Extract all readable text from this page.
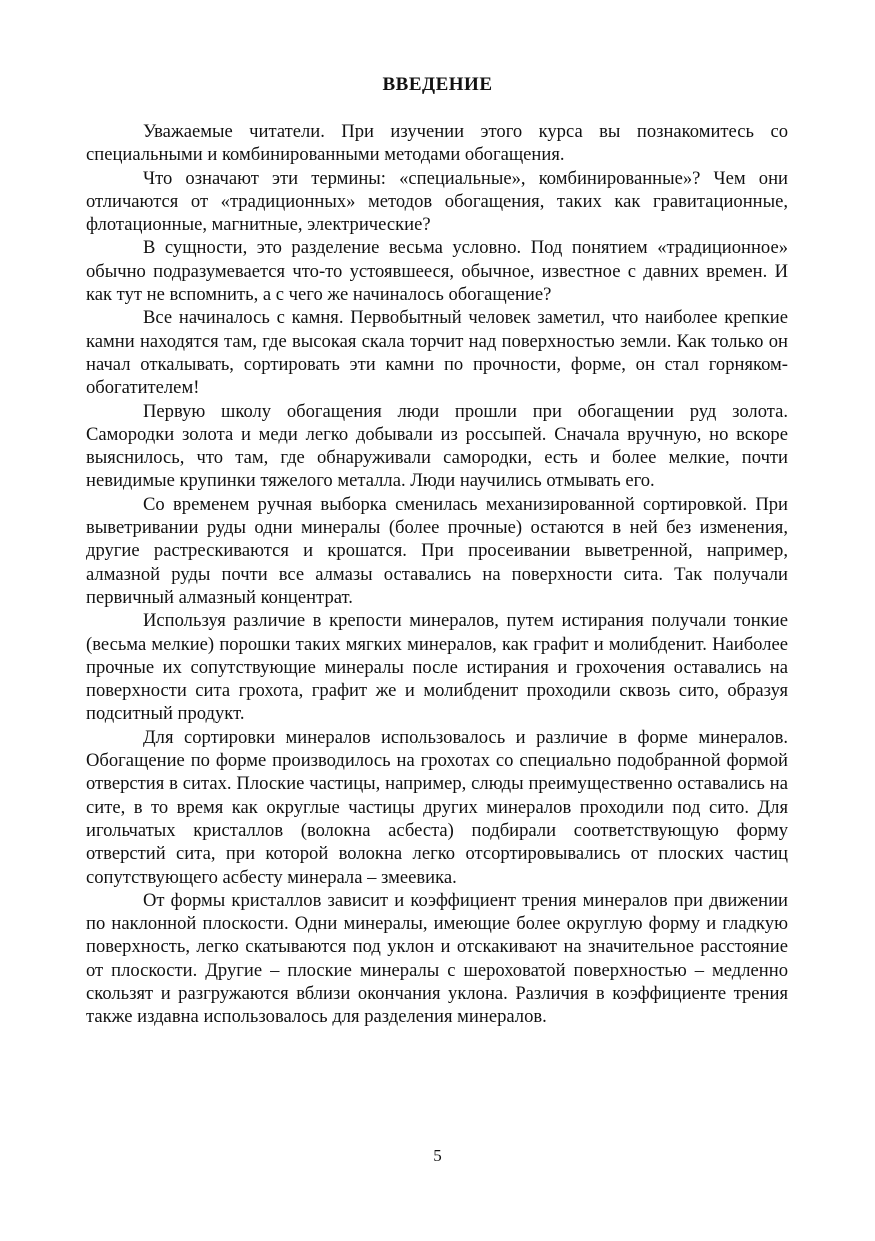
ВВЕДЕНИЕ

Уважаемые читатели. При изучении этого курса вы познакомитесь со специальными и комбинированными методами обогащения.

Что означают эти термины: «специальные», комбинированные»? Чем они отличаются от «традиционных» методов обогащения, таких как гравитационные, флотационные, магнитные, электрические?

В сущности, это разделение весьма условно. Под понятием «традиционное» обычно подразумевается что-то устоявшееся, обычное, известное с давних времен. И как тут не вспомнить, а с чего же начиналось обогащение?

Все начиналось с камня. Первобытный человек заметил, что наиболее крепкие камни находятся там, где высокая скала торчит над поверхностью земли. Как только он начал откалывать, сортировать эти камни по прочности, форме, он стал горняком-обогатителем!

Первую школу обогащения люди прошли при обогащении руд золота. Самородки золота и меди легко добывали из россыпей. Сначала вручную, но вскоре выяснилось, что там, где обнаруживали самородки, есть и более мелкие, почти невидимые крупинки тяжелого металла. Люди научились отмывать его.

Со временем ручная выборка сменилась механизированной сортировкой. При выветривании руды одни минералы (более прочные) остаются в ней без изменения, другие растрескиваются и крошатся. При просеивании выветренной, например, алмазной руды почти все алмазы оставались на поверхности сита. Так получали первичный алмазный концентрат.

Используя различие в крепости минералов, путем истирания получали тонкие (весьма мелкие) порошки таких мягких минералов, как графит и молибденит. Наиболее прочные их сопутствующие минералы после истирания и грохочения оставались на поверхности сита грохота, графит же и молибденит проходили сквозь сито, образуя подситный продукт.

Для сортировки минералов использовалось и различие в форме минералов. Обогащение по форме производилось на грохотах со специально подобранной формой отверстия в ситах. Плоские частицы, например, слюды преимущественно оставались на сите, в то время как округлые частицы других минералов проходили под сито. Для игольчатых кристаллов (волокна асбеста) подбирали соответствующую форму отверстий сита, при которой волокна легко отсортировывались от плоских частиц сопутствующего асбесту минерала – змеевика.

От формы кристаллов зависит и коэффициент трения минералов при движении по наклонной плоскости. Одни минералы, имеющие более округлую форму и гладкую поверхность, легко скатываются под уклон и отскакивают на значительное расстояние от плоскости. Другие – плоские минералы с шероховатой поверхностью – медленно скользят и разгружаются вблизи окончания уклона. Различия в коэффициенте трения также издавна использовалось для разделения минералов.

5
